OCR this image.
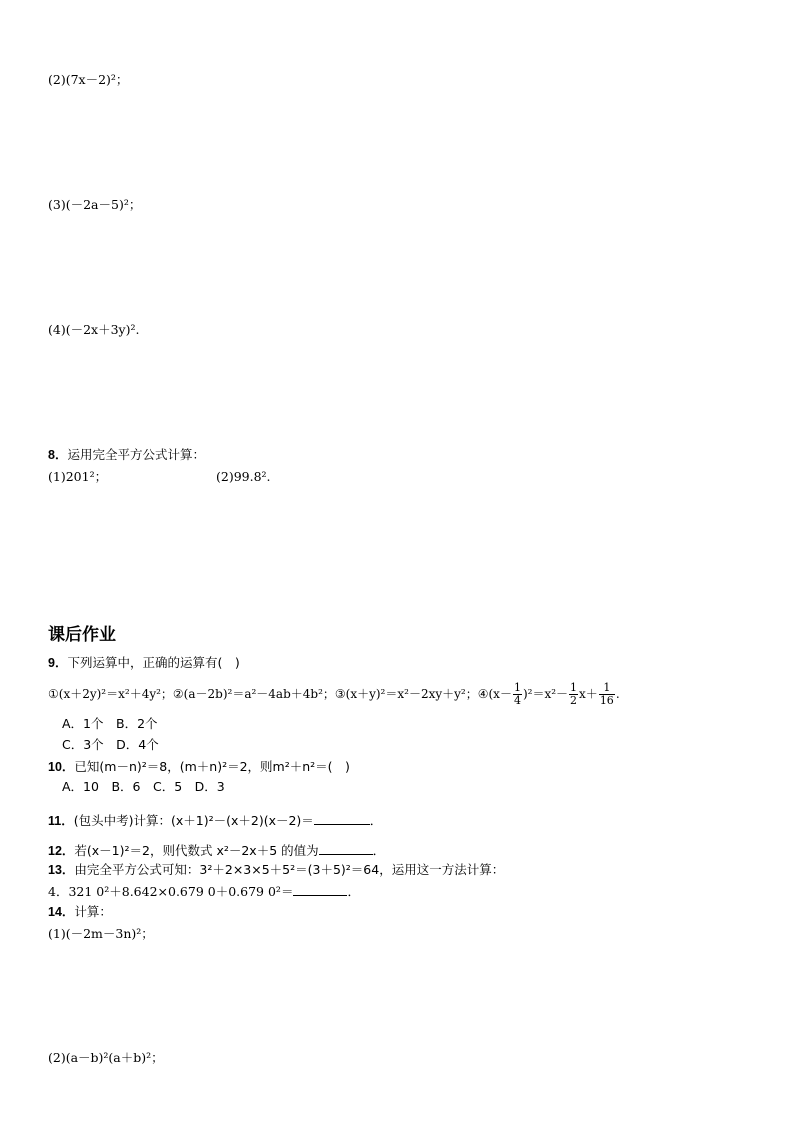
(2)(7x－2)²；
(3)(－2a－5)²；
(4)(－2x＋3y)².
8．运用完全平方公式计算：
(1)201²；	(2)99.8².
课后作业
9．下列运算中，正确的运算有(　)
①(x＋2y)²＝x²＋4y²；②(a－2b)²＝a²－4ab＋4b²；③(x＋y)²＝x²－2xy＋y²；④(x－ $\frac{1}{4} )^2=x^2- \frac{1}{2} x+ \frac{1}{16}$ .
A．1个　B．2个
C．3个　D．4个
10．已知(m－n)²＝8，(m＋n)²＝2，则m²＋n²＝(　)
A．10　B．6　C．5　D．3
11．(包头中考)计算：(x＋1)²－(x＋2)(x－2)＝	．
12．若(x－1)²＝2，则代数式 x²－2x＋5 的值为	．
13．由完全平方公式可知：3²＋2×3×5＋5²＝(3＋5)²＝64，运用这一方法计算：
4．321 0²＋8.642×0.679 0＋0.679 0²＝	．
14．计算：
(1)(－2m－3n)²；
(2)(a－b)²(a＋b)²；
